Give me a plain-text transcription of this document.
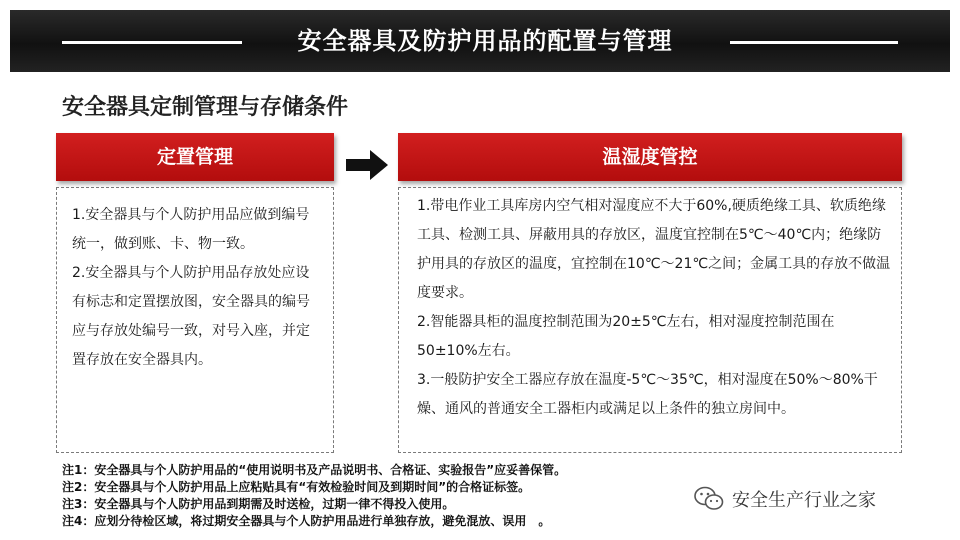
安全器具及防护用品的配置与管理
安全器具定制管理与存储条件
定置管理	温湿度管控

1.安全器具与个人防护用品应做到编号统一，做到账、卡、物一致。

2.安全器具与个人防护用品存放处应设有标志和定置摆放图，安全器具的编号应与存放处编号一致，对号入座，并定置存放在安全器具内。

1.带电作业工具库房内空气相对湿度应不大于60%,硬质绝缘工具、软质绝缘工具、检测工具、屏蔽用具的存放区，温度宜控制在5℃～40℃内；绝缘防护用具的存放区的温度，宜控制在10℃～21℃之间；金属工具的存放不做温度要求。

2.智能器具柜的温度控制范围为20±5℃左右，相对湿度控制范围在50±10%左右。

3.一般防护安全工器应存放在温度-5℃～35℃，相对湿度在50%～80%干燥、通风的普通安全工器柜内或满足以上条件的独立房间中。

注1：安全器具与个人防护用品的“使用说明书及产品说明书、合格证、实验报告”应妥善保管。

注2：安全器具与个人防护用品上应粘贴具有“有效检验时间及到期时间”的合格证标签。

注3：安全器具与个人防护用品到期需及时送检，过期一律不得投入使用。

注4：应划分待检区域，将过期安全器具与个人防护用品进行单独存放，避免混放、误用　。

安全生产行业之家
